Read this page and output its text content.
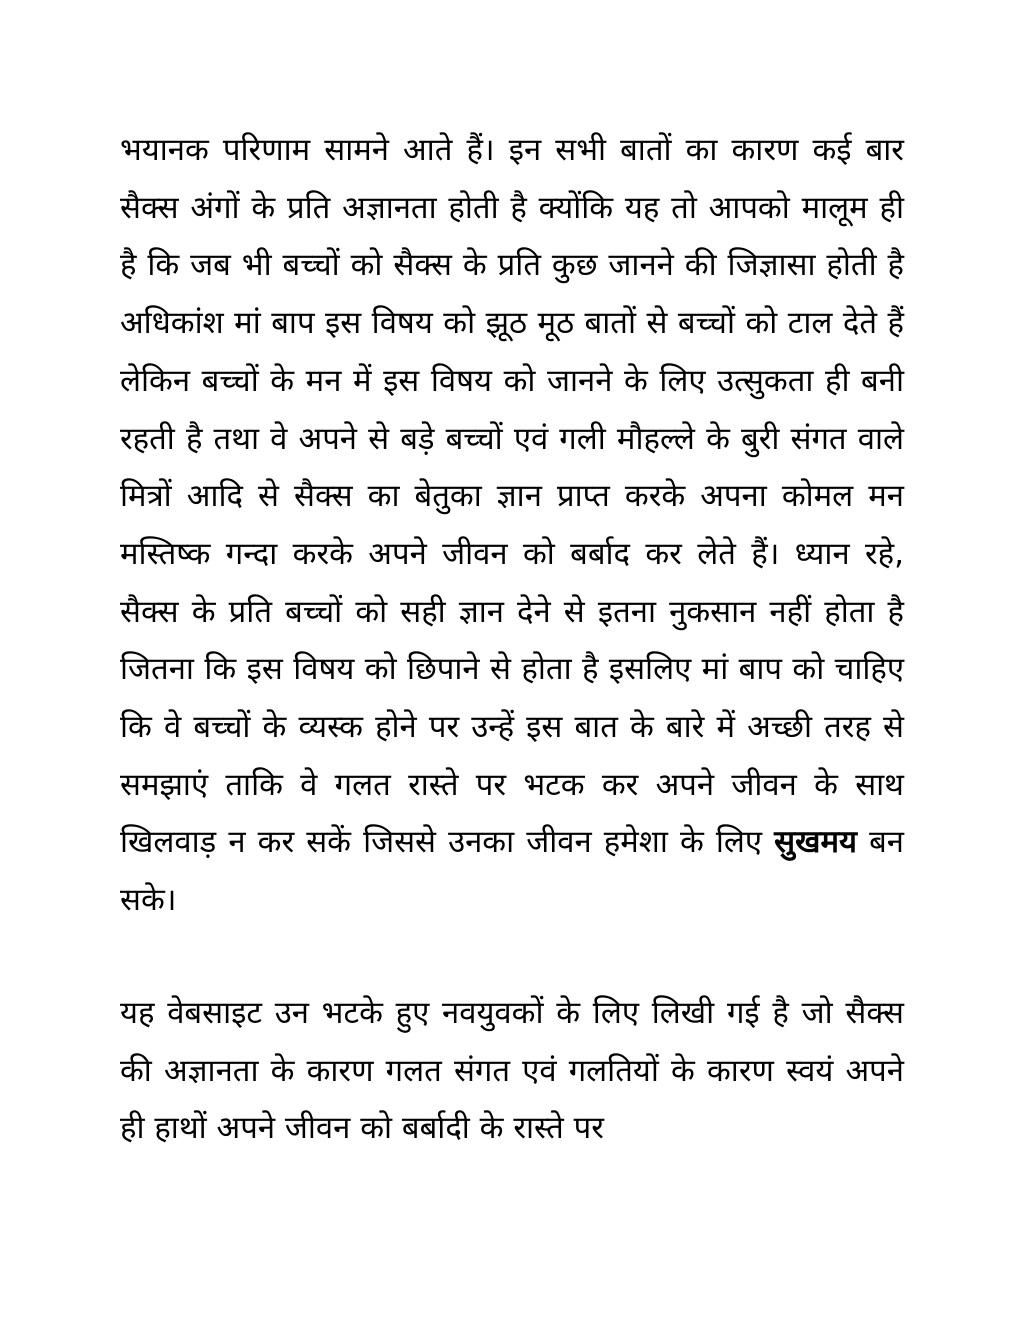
भयानक परिणाम सामने आते हैं। इन सभी बातों का कारण कई बार सैक्स अंगों के प्रति अज्ञानता होती है क्योंकि यह तो आपको मालूम ही है कि जब भी बच्चों को सैक्स के प्रति कुछ जानने की जिज्ञासा होती है अधिकांश मां बाप इस विषय को झूठ मूठ बातों से बच्चों को टाल देते हैं लेकिन बच्चों के मन में इस विषय को जानने के लिए उत्सुकता ही बनी रहती है तथा वे अपने से बड़े बच्चों एवं गली मौहल्ले के बुरी संगत वाले मित्रों आदि से सैक्स का बेतुका ज्ञान प्राप्त करके अपना कोमल मन मस्तिष्क गन्दा करके अपने जीवन को बर्बाद कर लेते हैं। ध्यान रहे, सैक्स के प्रति बच्चों को सही ज्ञान देने से इतना नुकसान नहीं होता है जितना कि इस विषय को छिपाने से होता है इसलिए मां बाप को चाहिए कि वे बच्चों के व्यस्क होने पर उन्हें इस बात के बारे में अच्छी तरह से समझाएं ताकि वे गलत रास्ते पर भटक कर अपने जीवन के साथ खिलवाड़ न कर सकें जिससे उनका जीवन हमेशा के लिए सुखमय बन सके।

यह वेबसाइट उन भटके हुए नवयुवकों के लिए लिखी गई है जो सैक्स की अज्ञानता के कारण गलत संगत एवं गलतियों के कारण स्वयं अपने ही हाथों अपने जीवन को बर्बादी के रास्ते पर
